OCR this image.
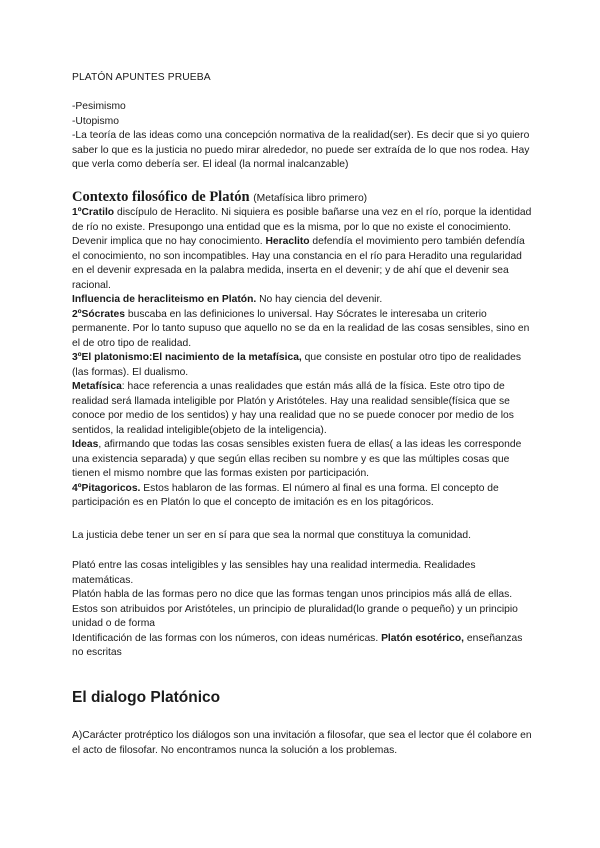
PLATÓN APUNTES PRUEBA

-Pesimismo

-Utopismo

-La teoría de las ideas como una concepción normativa de la realidad(ser). Es decir que si yo quiero saber lo que es la justicia no puedo mirar alrededor, no puede ser extraída de lo que nos rodea. Hay que verla como debería ser. El ideal (la normal inalcanzable)

Contexto filosófico de Platón (Metafísica libro primero)

1ºCratilo discípulo de Heraclito. Ni siquiera es posible bañarse una vez en el río, porque la identidad de río no existe. Presupongo una entidad que es la misma, por lo que no existe el conocimiento. Devenir implica que no hay conocimiento. Heraclito defendía el movimiento pero también defendía el conocimiento, no son incompatibles. Hay una constancia en el río para Heradito una regularidad en el devenir expresada en la palabra medida, inserta en el devenir; y de ahí que el devenir sea racional.

Influencia de heracliteismo en Platón. No hay ciencia del devenir.

2ºSócrates buscaba en las definiciones lo universal. Hay Sócrates le interesaba un criterio permanente. Por lo tanto supuso que aquello no se da en la realidad de las cosas sensibles, sino en el de otro tipo de realidad.

3ºEl platonismo:El nacimiento de la metafísica, que consiste en postular otro tipo de realidades (las formas). El dualismo.

Metafísica: hace referencia a unas realidades que están más allá de la física. Este otro tipo de realidad será llamada inteligible por Platón y Aristóteles. Hay una realidad sensible(física que se conoce por medio de los sentidos) y hay una realidad que no se puede conocer por medio de los sentidos, la realidad inteligible(objeto de la inteligencia).

Ideas, afirmando que todas las cosas sensibles existen fuera de ellas( a las ideas les corresponde una existencia separada) y que según ellas reciben su nombre y es que las múltiples cosas que tienen el mismo nombre que las formas existen por participación.

4ºPitagoricos. Estos hablaron de las formas. El número al final es una forma. El concepto de participación es en Platón lo que el concepto de imitación es en los pitagóricos.

La justicia debe tener un ser en sí para que sea la normal que constituya la comunidad.

Plató entre las cosas inteligibles y las sensibles hay una realidad intermedia. Realidades matemáticas.

Platón habla de las formas pero no dice que las formas tengan unos principios más allá de ellas. Estos son atribuidos por Aristóteles, un principio de pluralidad(lo grande o pequeño) y un principio unidad o de forma

Identificación de las formas con los números, con ideas numéricas. Platón esotérico, enseñanzas no escritas

El dialogo Platónico

A)Carácter protréptico los diálogos son una invitación a filosofar, que sea el lector que él colabore en el acto de filosofar. No encontramos nunca la solución a los problemas.
